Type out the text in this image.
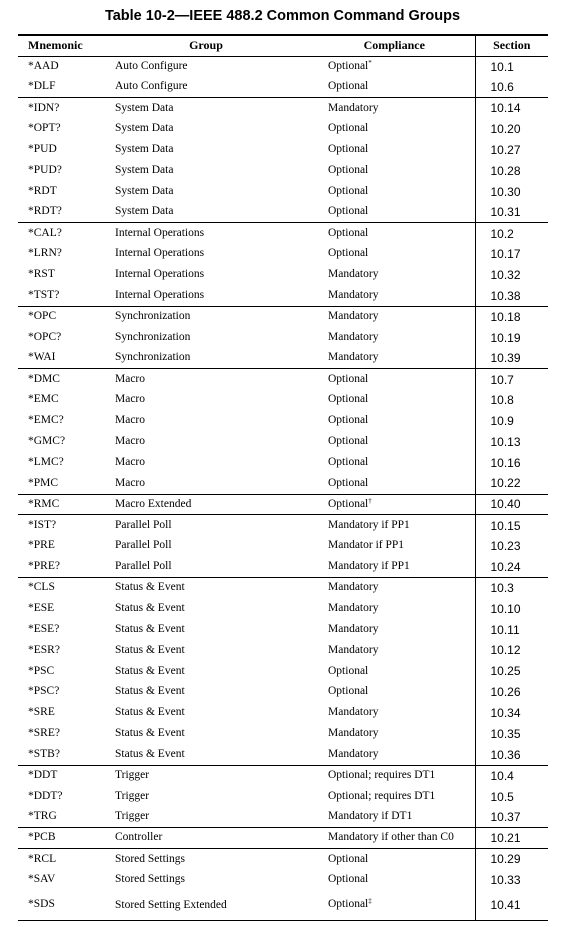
Table 10-2—IEEE 488.2 Common Command Groups
Mnemonic	Group	Compliance	Section
*AAD	Auto Configure	Optional*	10.1
*DLF	Auto Configure	Optional	10.6
*IDN?	System Data	Mandatory	10.14
*OPT?	System Data	Optional	10.20
*PUD	System Data	Optional	10.27
*PUD?	System Data	Optional	10.28
*RDT	System Data	Optional	10.30
*RDT?	System Data	Optional	10.31
*CAL?	Internal Operations	Optional	10.2
*LRN?	Internal Operations	Optional	10.17
*RST	Internal Operations	Mandatory	10.32
*TST?	Internal Operations	Mandatory	10.38
*OPC	Synchronization	Mandatory	10.18
*OPC?	Synchronization	Mandatory	10.19
*WAI	Synchronization	Mandatory	10.39
*DMC	Macro	Optional	10.7
*EMC	Macro	Optional	10.8
*EMC?	Macro	Optional	10.9
*GMC?	Macro	Optional	10.13
*LMC?	Macro	Optional	10.16
*PMC	Macro	Optional	10.22
*RMC	Macro Extended	Optional†	10.40
*IST?	Parallel Poll	Mandatory if PP1	10.15
*PRE	Parallel Poll	Mandator if PP1	10.23
*PRE?	Parallel Poll	Mandatory if PP1	10.24
*CLS	Status & Event	Mandatory	10.3
*ESE	Status & Event	Mandatory	10.10
*ESE?	Status & Event	Mandatory	10.11
*ESR?	Status & Event	Mandatory	10.12
*PSC	Status & Event	Optional	10.25
*PSC?	Status & Event	Optional	10.26
*SRE	Status & Event	Mandatory	10.34
*SRE?	Status & Event	Mandatory	10.35
*STB?	Status & Event	Mandatory	10.36
*DDT	Trigger	Optional; requires DT1	10.4
*DDT?	Trigger	Optional; requires DT1	10.5
*TRG	Trigger	Mandatory if DT1	10.37
*PCB	Controller	Mandatory if other than C0	10.21
*RCL	Stored Settings	Optional	10.29
*SAV	Stored Settings	Optional	10.33
*SDS	Stored Setting Extended	Optional‡	10.41
